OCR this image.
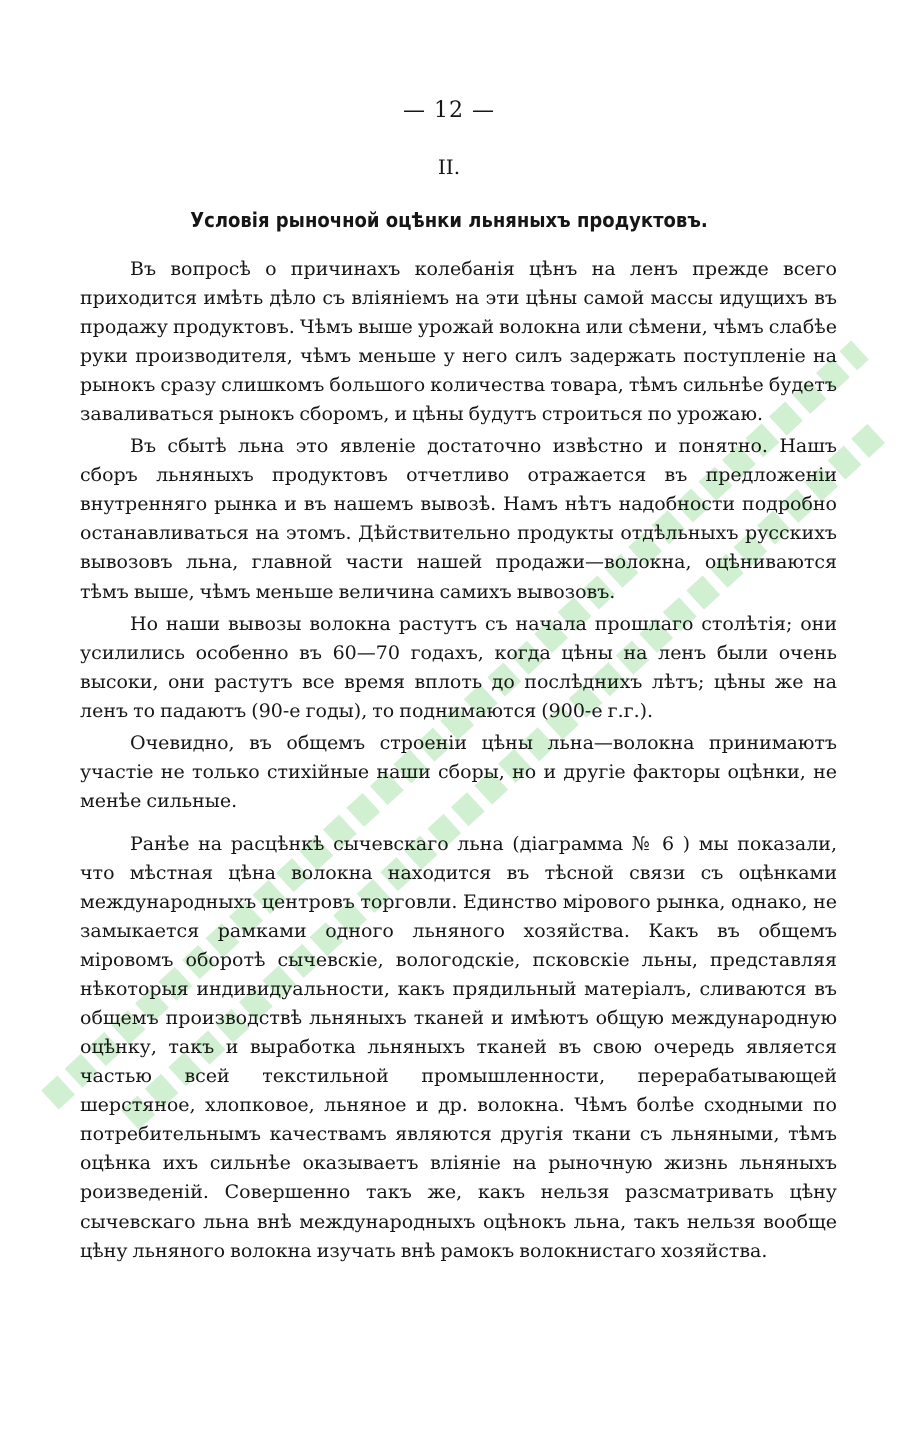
— 12 —
II.
Условія рыночной оцѣнки льняныхъ продуктовъ.

Въ вопросѣ о причинахъ колебанія цѣнъ на ленъ прежде всего приходится имѣть дѣло съ вліяніемъ на эти цѣны самой массы идущихъ въ продажу продуктовъ. Чѣмъ выше урожай волокна или сѣмени, чѣмъ слабѣе руки производителя, чѣмъ меньше у него силъ задержать поступленіе на рынокъ сразу слишкомъ большого количества товара, тѣмъ сильнѣе будетъ заваливаться рынокъ сборомъ, и цѣны будутъ строиться по урожаю.

Въ сбытѣ льна это явленіе достаточно извѣстно и понятно. Нашъ сборъ льняныхъ продуктовъ отчетливо отражается въ предложеніи внутренняго рынка и въ нашемъ вывозѣ. Намъ нѣтъ надобности подробно останавливаться на этомъ. Дѣйствительно продукты отдѣльныхъ русскихъ вывозовъ льна, главной части нашей продажи—волокна, оцѣниваются тѣмъ выше, чѣмъ меньше величина самихъ вывозовъ.

Но наши вывозы волокна растутъ съ начала прошлаго столѣтія; они усилились особенно въ 60—70 годахъ, когда цѣны на ленъ были очень высоки, они растутъ все время вплоть до послѣднихъ лѣтъ; цѣны же на ленъ то падаютъ (90-е годы), то поднимаются (900-е г.г.).

Очевидно, въ общемъ строеніи цѣны льна—волокна принимаютъ участіе не только стихійные наши сборы, но и другіе факторы оцѣнки, не менѣе сильные.

Ранѣе на расцѣнкѣ сычевскаго льна (діаграмма № 6 ) мы показали, что мѣстная цѣна волокна находится въ тѣсной связи съ оцѣнками международныхъ центровъ торговли. Единство міровoго рынка, однако, не замыкается рамками одного льняного хозяйства. Какъ въ общемъ міровомъ оборотѣ сычевскіе, вологодскіе, псковскіе льны, представляя нѣкоторыя индивидуальности, какъ прядильный матеріалъ, сливаются въ общемъ производствѣ льняныхъ тканей и имѣютъ общую международную оцѣнку, такъ и выработка льняныхъ тканей въ свою очередь является частью всей текстильной промышленности, перерабатывающей шерстяное, хлопковое, льняное и др. волокна. Чѣмъ болѣе сходными по потребительнымъ качествамъ являются другія ткани съ льняными, тѣмъ оцѣнка ихъ сильнѣе оказываетъ вліяніе на рыночную жизнь льняныхъ роизведеній. Совершенно такъ же, какъ нельзя разсматривать цѣну сычевскаго льна внѣ международныхъ оцѣнокъ льна, такъ нельзя вообще цѣну льняного волокна изучать внѣ рамокъ волокнистаго хозяйства.
